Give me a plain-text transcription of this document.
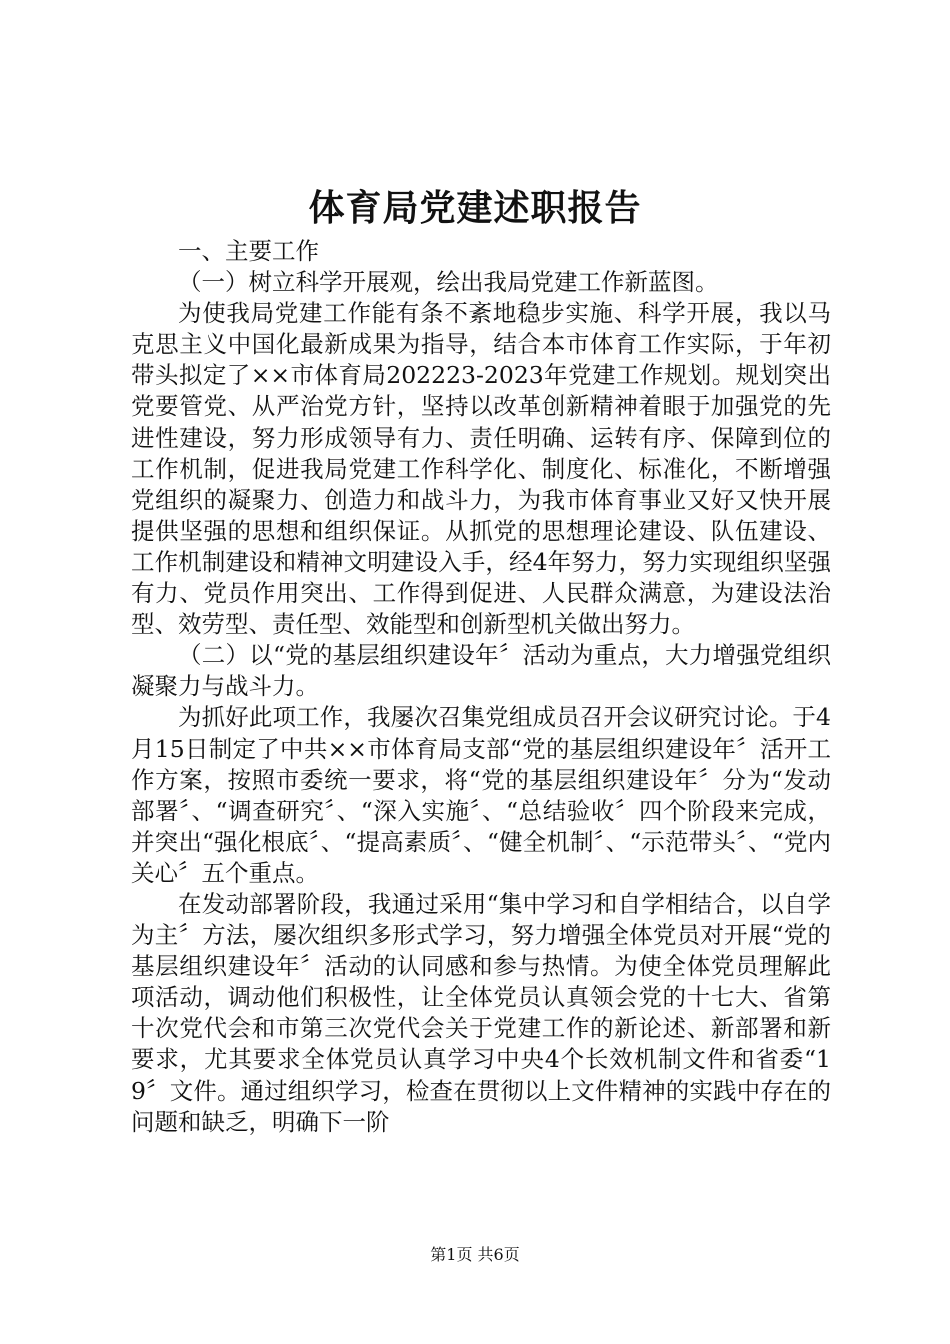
体育局党建述职报告

一、主要工作

（一）树立科学开展观，绘出我局党建工作新蓝图。

为使我局党建工作能有条不紊地稳步实施、科学开展，我以马克思主义中国化最新成果为指导，结合本市体育工作实际，于年初带头拟定了××市体育局202223-2023年党建工作规划。规划突出党要管党、从严治党方针，坚持以改革创新精神着眼于加强党的先进性建设，努力形成领导有力、责任明确、运转有序、保障到位的工作机制，促进我局党建工作科学化、制度化、标准化，不断增强党组织的凝聚力、创造力和战斗力，为我市体育事业又好又快开展提供坚强的思想和组织保证。从抓党的思想理论建设、队伍建设、工作机制建设和精神文明建设入手，经4年努力，努力实现组织坚强有力、党员作用突出、工作得到促进、人民群众满意，为建设法治型、效劳型、责任型、效能型和创新型机关做出努力。

（二）以“党的基层组织建设年〞活动为重点，大力增强党组织凝聚力与战斗力。

为抓好此项工作，我屡次召集党组成员召开会议研究讨论。于4月15日制定了中共××市体育局支部“党的基层组织建设年〞活开工作方案，按照市委统一要求，将“党的基层组织建设年〞分为“发动部署〞、“调查研究〞、“深入实施〞、“总结验收〞四个阶段来完成，并突出“强化根底〞、“提高素质〞、“健全机制〞、“示范带头〞、“党内关心〞五个重点。

在发动部署阶段，我通过采用“集中学习和自学相结合，以自学为主〞方法，屡次组织多形式学习，努力增强全体党员对开展“党的基层组织建设年〞活动的认同感和参与热情。为使全体党员理解此项活动，调动他们积极性，让全体党员认真领会党的十七大、省第十次党代会和市第三次党代会关于党建工作的新论述、新部署和新要求，尤其要求全体党员认真学习中央4个长效机制文件和省委“19〞文件。通过组织学习，检查在贯彻以上文件精神的实践中存在的问题和缺乏，明确下一阶

第1页 共6页
